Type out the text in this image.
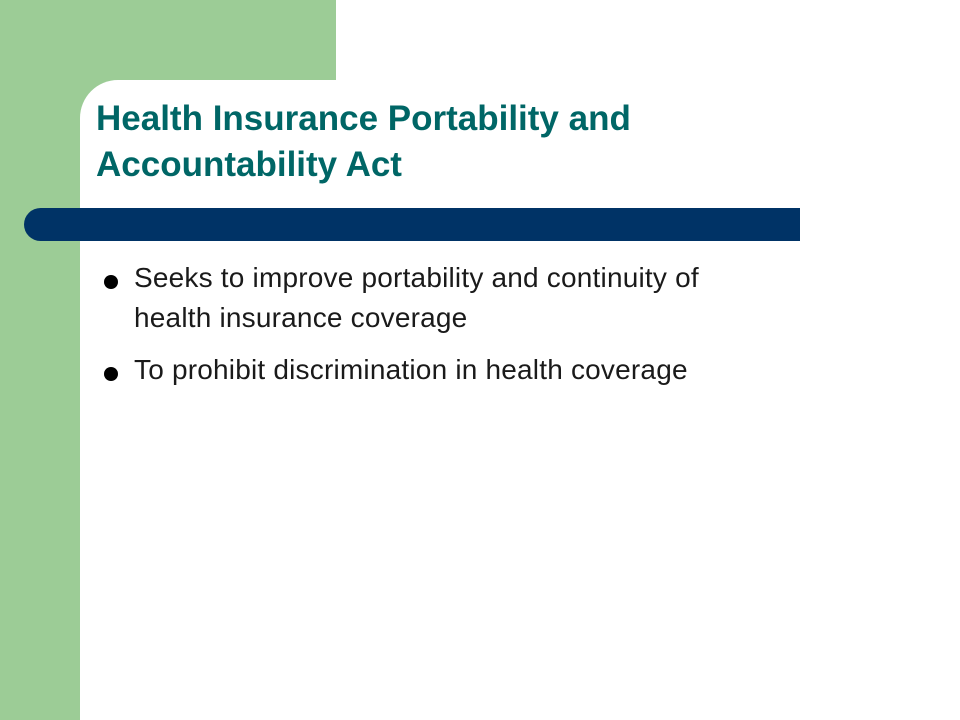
Health Insurance Portability and
Accountability Act
Seeks to improve portability and continuity of
health insurance coverage
To prohibit discrimination in health coverage
